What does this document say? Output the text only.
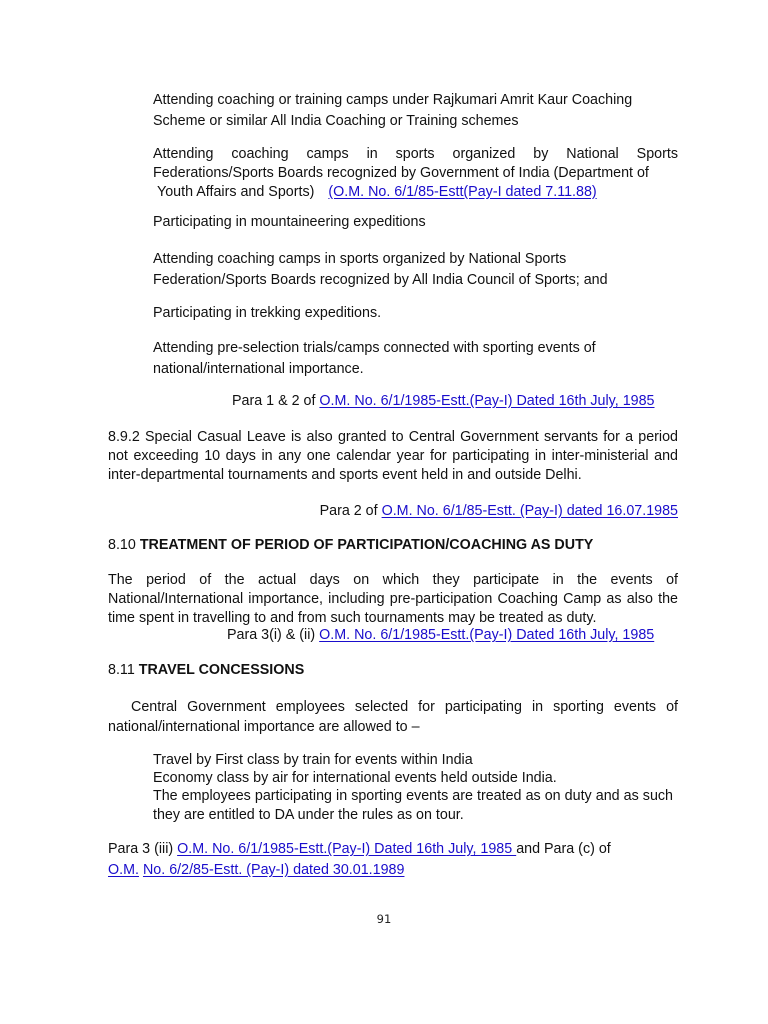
Attending coaching or training camps under Rajkumari Amrit Kaur Coaching
Scheme or similar All India Coaching or Training schemes
Attending coaching camps in sports organized by National Sports Federations/Sports Boards recognized by Government of India (Department of
Youth Affairs and Sports) (O.M. No. 6/1/85-Estt(Pay-I dated 7.11.88)
Participating in mountaineering expeditions
Attending coaching camps in sports organized by National Sports
Federation/Sports Boards recognized by All India Council of Sports; and
Participating in trekking expeditions.
Attending pre-selection trials/camps connected with sporting events of
national/international importance.
Para 1 & 2 of O.M. No. 6/1/1985-Estt.(Pay-I) Dated 16th July, 1985
8.9.2 Special Casual Leave is also granted to Central Government servants for a period not exceeding 10 days in any one calendar year for participating in inter-ministerial and inter-departmental tournaments and sports event held in and outside Delhi.
Para 2 of O.M. No. 6/1/85-Estt. (Pay-I) dated 16.07.1985
8.10 TREATMENT OF PERIOD OF PARTICIPATION/COACHING AS DUTY
The period of the actual days on which they participate in the events of National/International importance, including pre-participation Coaching Camp as also the time spent in travelling to and from such tournaments may be treated as duty.
Para 3(i) & (ii) O.M. No. 6/1/1985-Estt.(Pay-I) Dated 16th July, 1985
8.11 TRAVEL CONCESSIONS
Central Government employees selected for participating in sporting events of national/international importance are allowed to –
Travel by First class by train for events within India
Economy class by air for international events held outside India.
The employees participating in sporting events are treated as on duty and as such they are entitled to DA under the rules as on tour.
Para 3 (iii) O.M. No. 6/1/1985-Estt.(Pay-I) Dated 16th July, 1985 and Para (c) of
O.M. No. 6/2/85-Estt. (Pay-I) dated 30.01.1989
91
